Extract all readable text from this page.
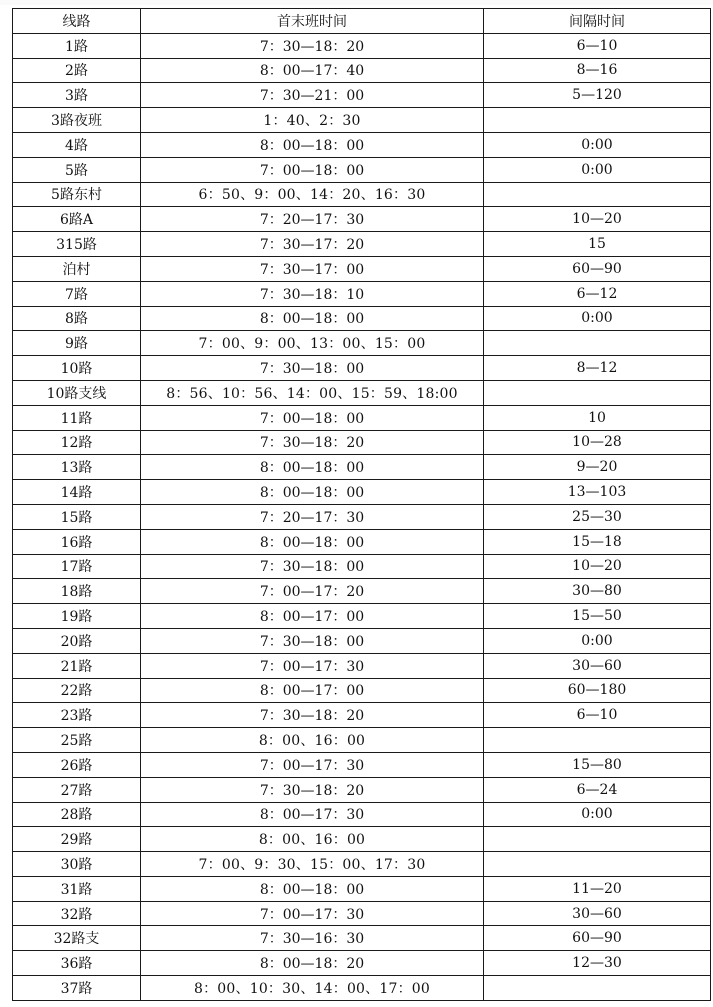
线路	首末班时间	间隔时间
1路	7：30—18：20	6—10
2路	8：00—17：40	8—16
3路	7：30—21：00	5—120
3路夜班	1：40、2：30	
4路	8：00—18：00	0:00
5路	7：00—18：00	0:00
5路东村	6：50、9：00、14：20、16：30	
6路A	7：20—17：30	10—20
315路	7：30—17：20	15
泊村	7：30—17：00	60—90
7路	7：30—18：10	6—12
8路	8：00—18：00	0:00
9路	7：00、9：00、13：00、15：00	
10路	7：30—18：00	8—12
10路支线	8：56、10：56、14：00、15：59、18:00	
11路	7：00—18：00	10
12路	7：30—18：20	10—28
13路	8：00—18：00	9—20
14路	8：00—18：00	13—103
15路	7：20—17：30	25—30
16路	8：00—18：00	15—18
17路	7：30—18：00	10—20
18路	7：00—17：20	30—80
19路	8：00—17：00	15—50
20路	7：30—18：00	0:00
21路	7：00—17：30	30—60
22路	8：00—17：00	60—180
23路	7：30—18：20	6—10
25路	8：00、16：00	
26路	7：00—17：30	15—80
27路	7：30—18：20	6—24
28路	8：00—17：30	0:00
29路	8：00、16：00	
30路	7：00、9：30、15：00、17：30	
31路	8：00—18：00	11—20
32路	7：00—17：30	30—60
32路支	7：30—16：30	60—90
36路	8：00—18：20	12—30
37路	8：00、10：30、14：00、17：00	
